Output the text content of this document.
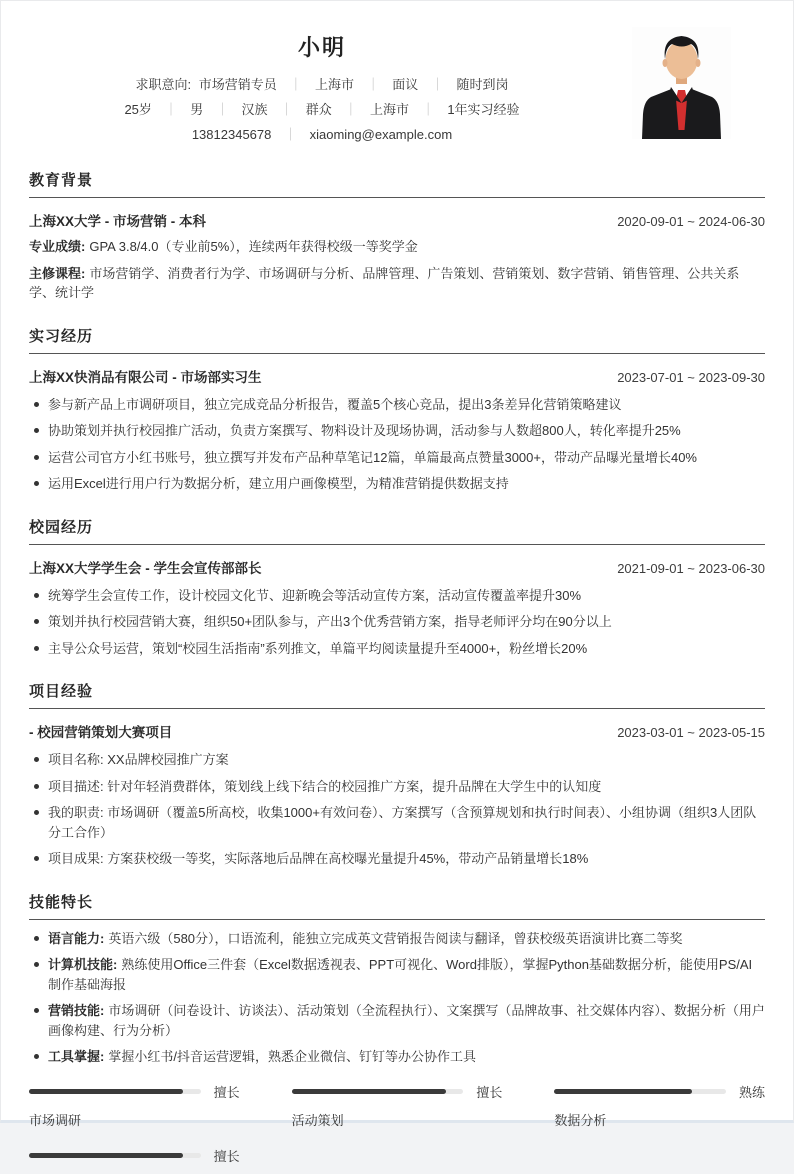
小明
求职意向: 市场营销专员 ｜ 上海市 ｜ 面议 ｜ 随时到岗
25岁 ｜ 男 ｜ 汉族 ｜ 群众 ｜ 上海市 ｜ 1年实习经验
13812345678 ｜ xiaoming@example.com
教育背景
上海XX大学 - 市场营销 - 本科	2020-09-01 ~ 2024-06-30
专业成绩: GPA 3.8/4.0（专业前5%），连续两年获得校级一等奖学金
主修课程: 市场营销学、消费者行为学、市场调研与分析、品牌管理、广告策划、营销策划、数字营销、销售管理、公共关系学、统计学
实习经历
上海XX快消品有限公司 - 市场部实习生	2023-07-01 ~ 2023-09-30
参与新产品上市调研项目，独立完成竞品分析报告，覆盖5个核心竞品，提出3条差异化营销策略建议
协助策划并执行校园推广活动，负责方案撰写、物料设计及现场协调，活动参与人数超800人，转化率提升25%
运营公司官方小红书账号，独立撰写并发布产品种草笔记12篇，单篇最高点赞量3000+，带动产品曝光量增长40%
运用Excel进行用户行为数据分析，建立用户画像模型，为精准营销提供数据支持
校园经历
上海XX大学学生会 - 学生会宣传部部长	2021-09-01 ~ 2023-06-30
统筹学生会宣传工作，设计校园文化节、迎新晚会等活动宣传方案，活动宣传覆盖率提升30%
策划并执行校园营销大赛，组织50+团队参与，产出3个优秀营销方案，指导老师评分均在90分以上
主导公众号运营，策划“校园生活指南”系列推文，单篇平均阅读量提升至4000+，粉丝增长20%
项目经验
- 校园营销策划大赛项目	2023-03-01 ~ 2023-05-15
项目名称: XX品牌校园推广方案
项目描述: 针对年轻消费群体，策划线上线下结合的校园推广方案，提升品牌在大学生中的认知度
我的职责: 市场调研（覆盖5所高校，收集1000+有效问卷）、方案撰写（含预算规划和执行时间表）、小组协调（组织3人团队分工合作）
项目成果: 方案获校级一等奖，实际落地后品牌在高校曝光量提升45%，带动产品销量增长18%
技能特长
语言能力: 英语六级（580分），口语流利，能独立完成英文营销报告阅读与翻译，曾获校级英语演讲比赛二等奖
计算机技能: 熟练使用Office三件套（Excel数据透视表、PPT可视化、Word排版），掌握Python基础数据分析，能使用PS/AI制作基础海报
营销技能: 市场调研（问卷设计、访谈法）、活动策划（全流程执行）、文案撰写（品牌故事、社交媒体内容）、数据分析（用户画像构建、行为分析）
工具掌握: 掌握小红书/抖音运营逻辑，熟悉企业微信、钉钉等办公协作工具
擅长
市场调研
擅长
活动策划
熟练
数据分析
擅长
